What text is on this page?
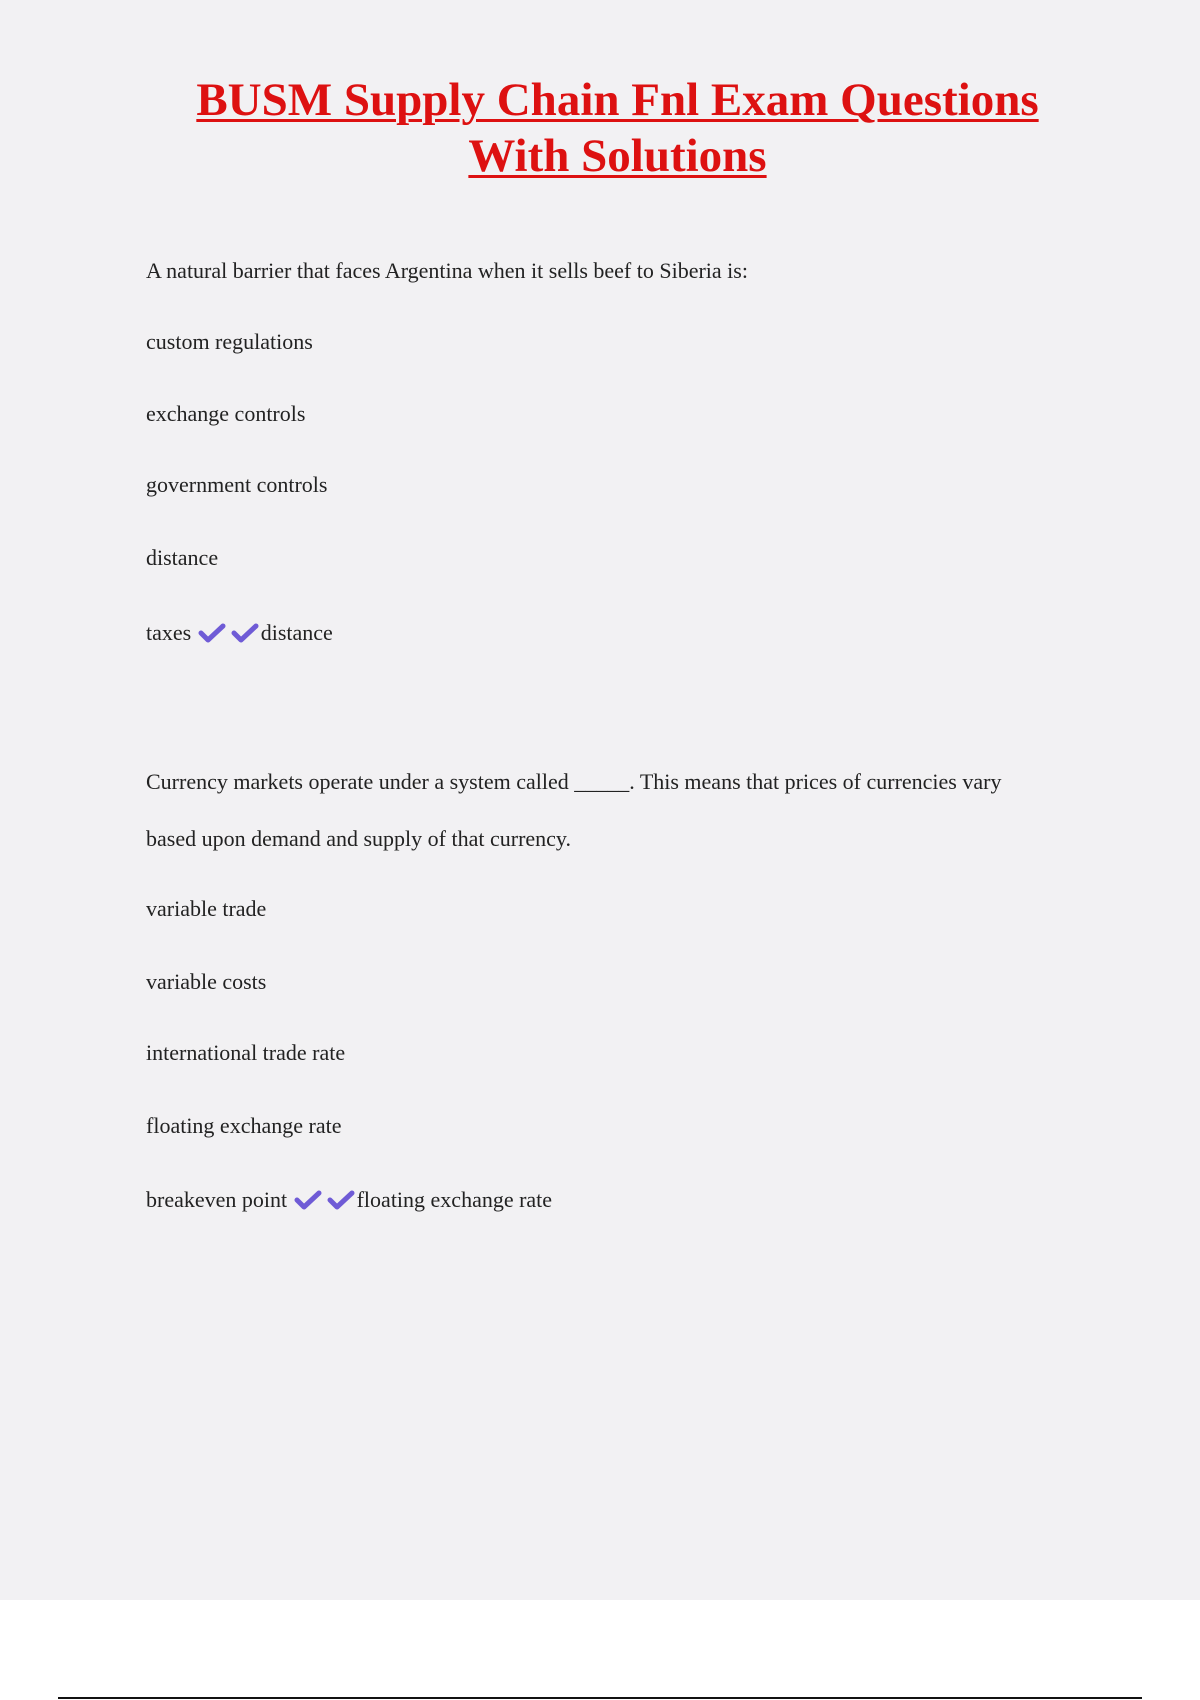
BUSM Supply Chain Fnl Exam Questions
With Solutions

A natural barrier that faces Argentina when it sells beef to Siberia is:

custom regulations

exchange controls

government controls

distance

taxes	distance

Currency markets operate under a system called _____. This means that prices of currencies vary

based upon demand and supply of that currency.

variable trade

variable costs

international trade rate

floating exchange rate

breakeven point	floating exchange rate
